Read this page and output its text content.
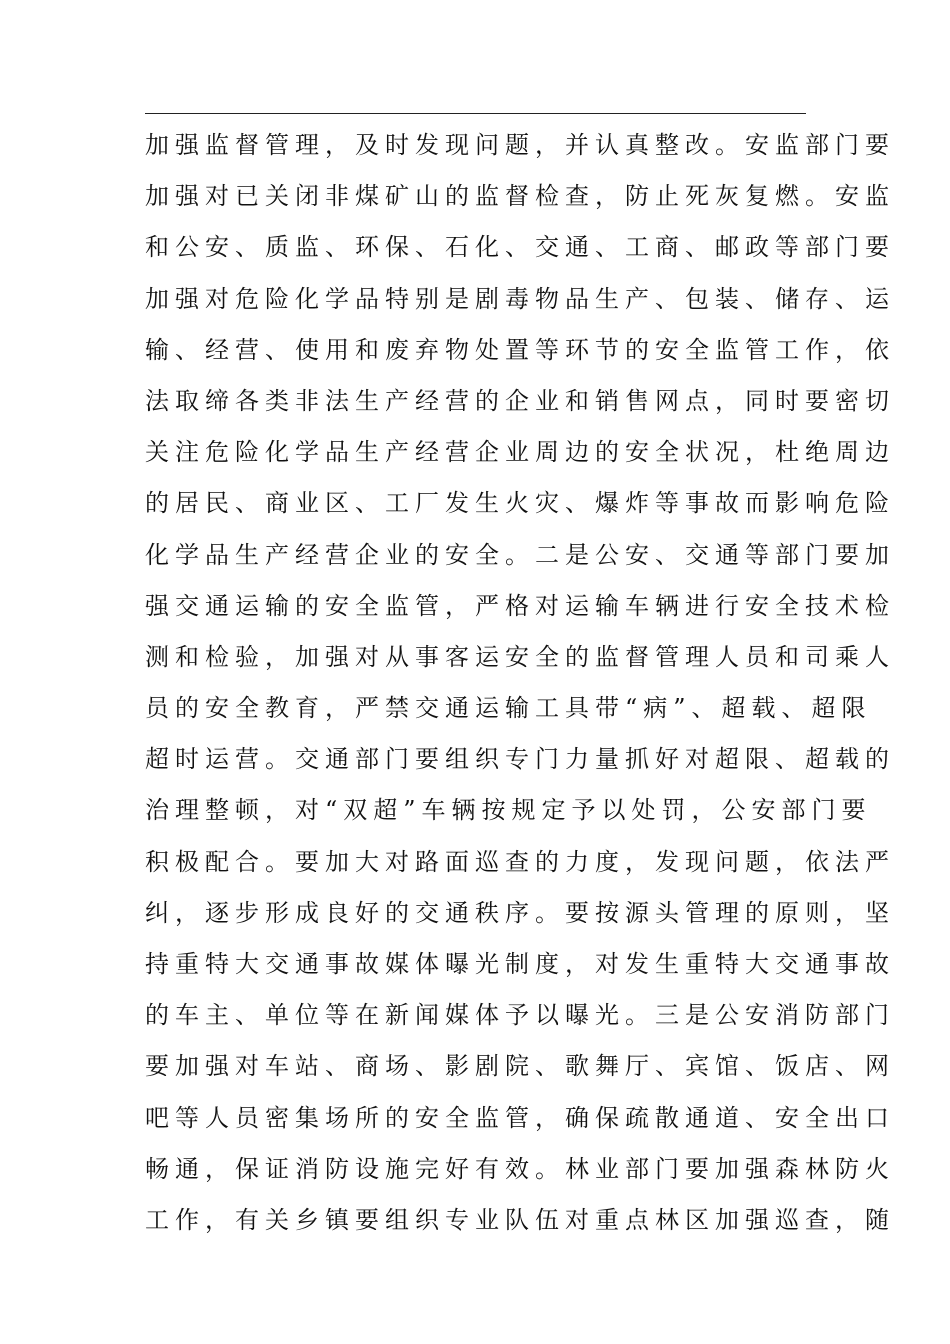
加强监督管理，及时发现问题，并认真整改。安监部门要
加强对已关闭非煤矿山的监督检查，防止死灰复燃。安监
和公安、质监、环保、石化、交通、工商、邮政等部门要
加强对危险化学品特别是剧毒物品生产、包装、储存、运
输、经营、使用和废弃物处置等环节的安全监管工作，依
法取缔各类非法生产经营的企业和销售网点，同时要密切
关注危险化学品生产经营企业周边的安全状况，杜绝周边
的居民、商业区、工厂发生火灾、爆炸等事故而影响危险
化学品生产经营企业的安全。二是公安、交通等部门要加
强交通运输的安全监管，严格对运输车辆进行安全技术检
测和检验，加强对从事客运安全的监督管理人员和司乘人
员的安全教育，严禁交通运输工具带“病”、超载、超限
超时运营。交通部门要组织专门力量抓好对超限、超载的
治理整顿，对“双超”车辆按规定予以处罚，公安部门要
积极配合。要加大对路面巡查的力度，发现问题，依法严
纠，逐步形成良好的交通秩序。要按源头管理的原则，坚
持重特大交通事故媒体曝光制度，对发生重特大交通事故
的车主、单位等在新闻媒体予以曝光。三是公安消防部门
要加强对车站、商场、影剧院、歌舞厅、宾馆、饭店、网
吧等人员密集场所的安全监管，确保疏散通道、安全出口
畅通，保证消防设施完好有效。林业部门要加强森林防火
工作，有关乡镇要组织专业队伍对重点林区加强巡查，随
